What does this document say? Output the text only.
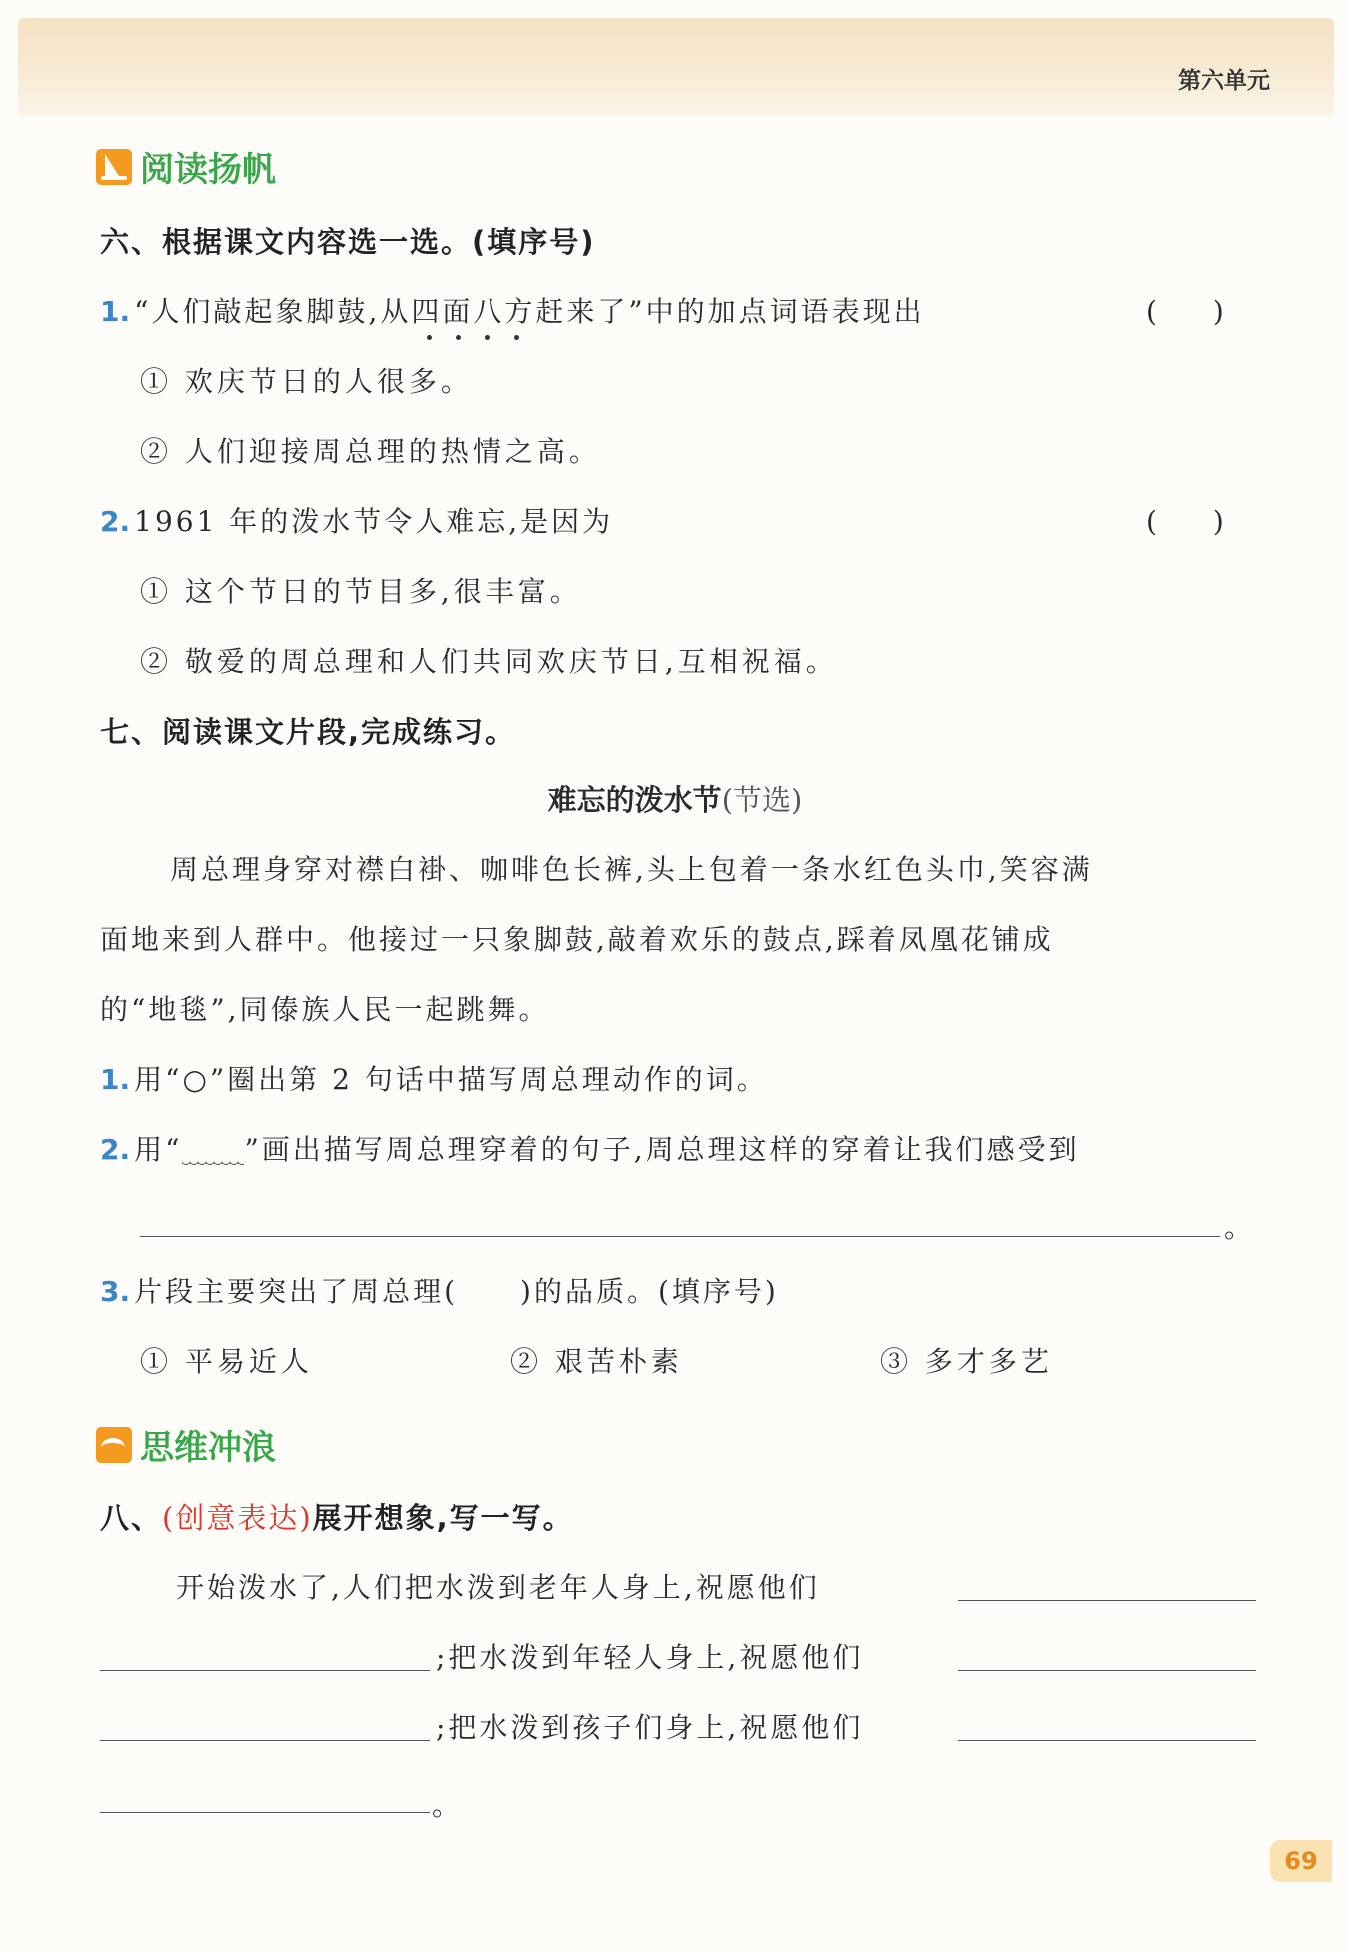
第六单元
阅读扬帆
六、根据课文内容选一选。(填序号)
1. “人们敲起象脚鼓,从四面八方
赶来了”中的加点词语表现出	(　　)
① 欢庆节日的人很多。
② 人们迎接周总理的热情之高。
2. 1961 年的泼水节令人难忘,是因为	(　　)
① 这个节日的节目多,很丰富。
② 敬爱的周总理和人们共同欢庆节日,互相祝福。
七、阅读课文片段,完成练习。
难忘的泼水节(节选)
周总理身穿对襟白褂、咖啡色长裤,头上包着一条水红色头巾,笑容满
面地来到人群中。他接过一只象脚鼓,敲着欢乐的鼓点,踩着凤凰花铺成
的“地毯”,同傣族人民一起跳舞。
1. 用“○”圈出第 2 句话中描写周总理动作的词。
2. 用“ ”画出描写周总理穿着的句子,周总理这样的穿着让我们感受到
。
3. 片段主要突出了周总理(　　)的品质。(填序号)
① 平易近人	② 艰苦朴素	③ 多才多艺
思维冲浪
八、(创意表达)展开想象,写一写。
开始泼水了,人们把水泼到老年人身上,祝愿他们
;把水泼到年轻人身上,祝愿他们
;把水泼到孩子们身上,祝愿他们
。
69
